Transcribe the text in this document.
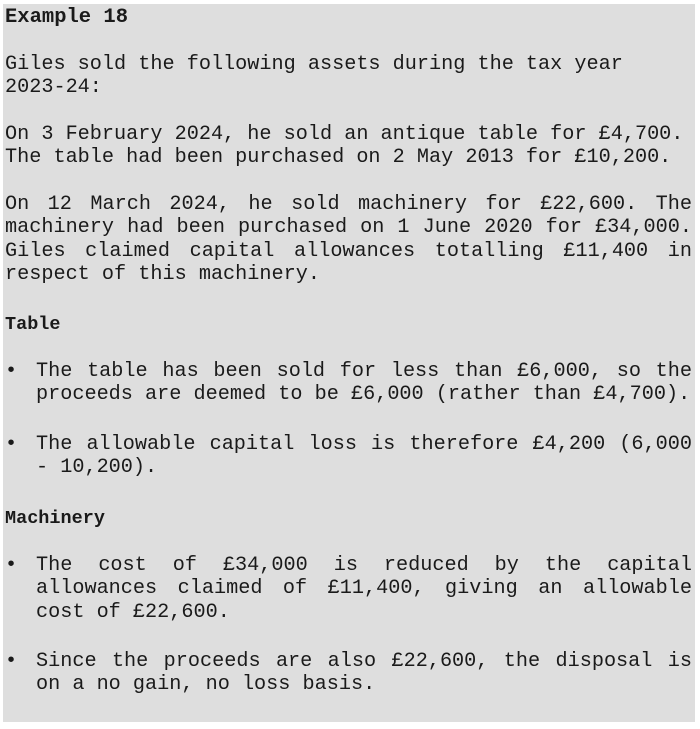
Example 18

Giles sold the following assets during the tax year 2023-24:

On 3 February 2024, he sold an antique table for £4,700. The table had been purchased on 2 May 2013 for £10,200.

On 12 March 2024, he sold machinery for £22,600. The machinery had been purchased on 1 June 2020 for £34,000. Giles claimed capital allowances totalling £11,400 in respect of this machinery.

Table
• The table has been sold for less than £6,000, so the proceeds are deemed to be £6,000 (rather than £4,700).
• The allowable capital loss is therefore £4,200 (6,000 - 10,200).
Machinery
• The cost of £34,000 is reduced by the capital allowances claimed of £11,400, giving an allowable cost of £22,600.
• Since the proceeds are also £22,600, the disposal is on a no gain, no loss basis.
